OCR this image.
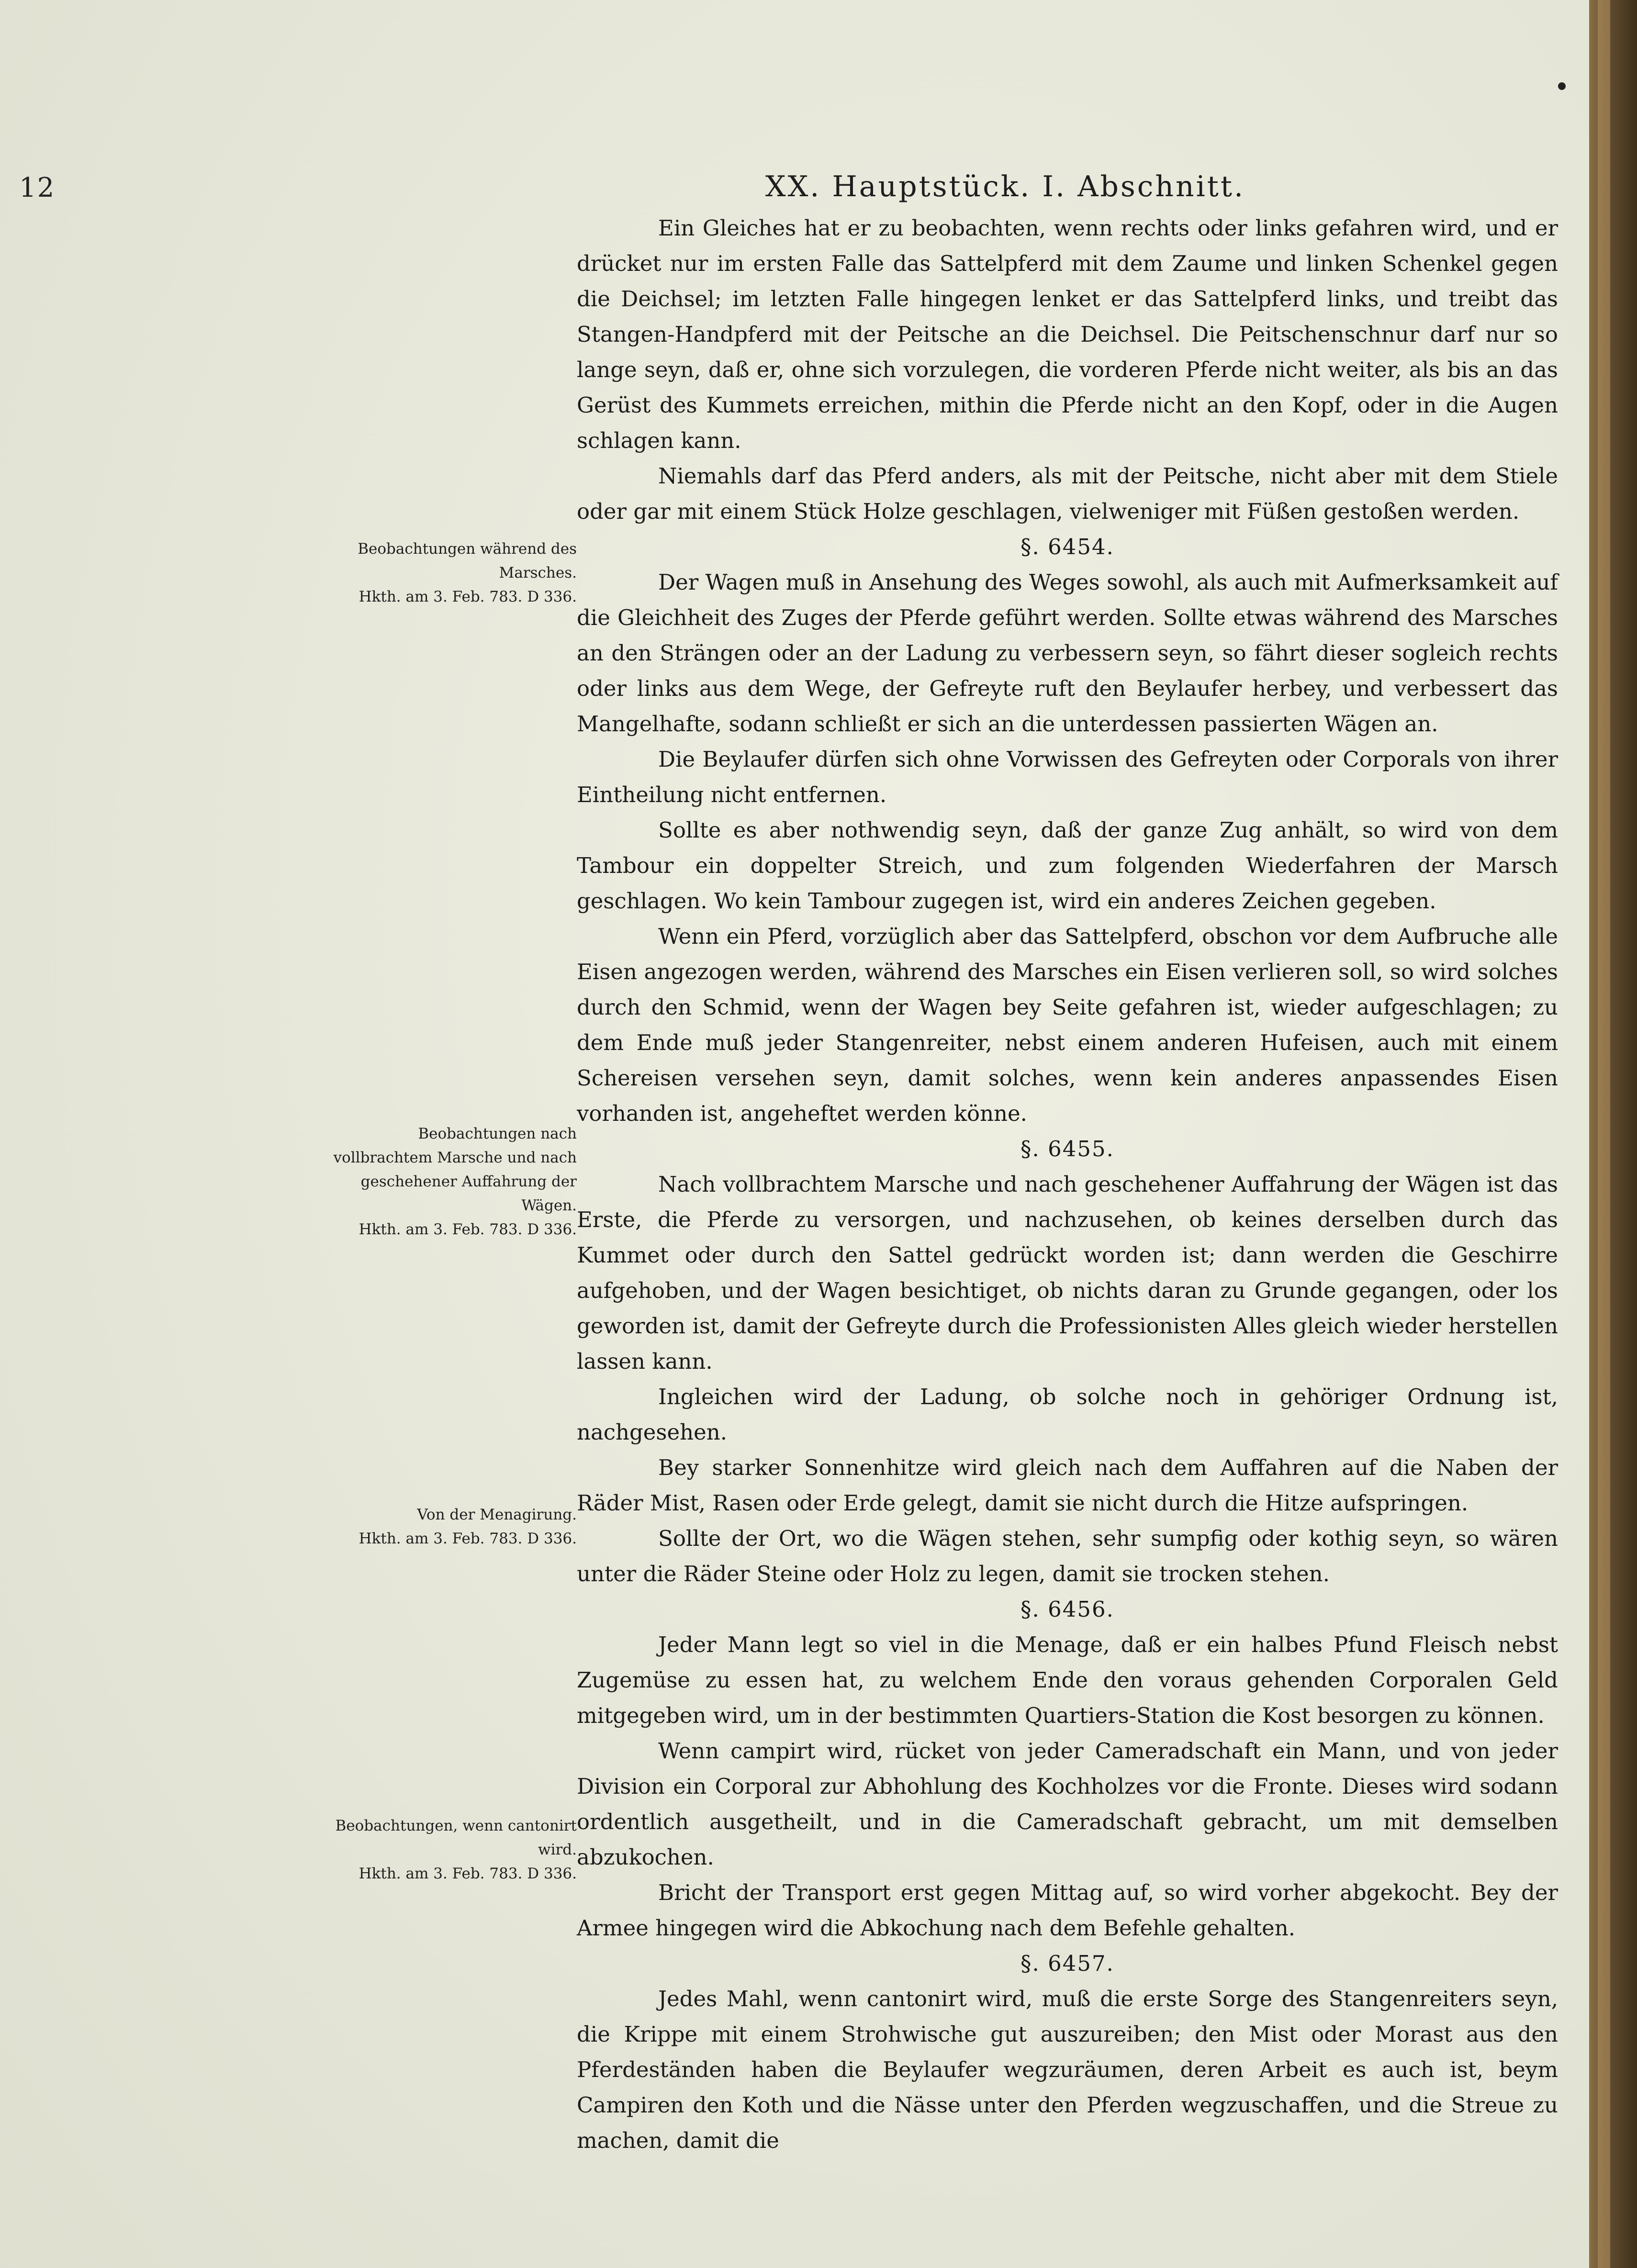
12	XX. Hauptstück. I. Abschnitt.
Beobachtungen während des Marsches.
Hkth. am 3. Feb. 783. D 336.
Beobachtungen nach vollbrachtem Marsche und nach geschehener Auffahrung der Wägen.
Hkth. am 3. Feb. 783. D 336.
Von der Menagirung.
Hkth. am 3. Feb. 783. D 336.
Beobachtungen, wenn cantonirt wird.
Hkth. am 3. Feb. 783. D 336.

Ein Gleiches hat er zu beobachten, wenn rechts oder links gefahren wird, und er drücket nur im ersten Falle das Sattelpferd mit dem Zaume und linken Schenkel gegen die Deichsel; im letzten Falle hingegen lenket er das Sattelpferd links, und treibt das Stangen-Handpferd mit der Peitsche an die Deichsel. Die Peitschenschnur darf nur so lange seyn, daß er, ohne sich vorzulegen, die vorderen Pferde nicht weiter, als bis an das Gerüst des Kummets erreichen, mithin die Pferde nicht an den Kopf, oder in die Augen schlagen kann.

Niemahls darf das Pferd anders, als mit der Peitsche, nicht aber mit dem Stiele oder gar mit einem Stück Holze geschlagen, vielweniger mit Füßen gestoßen werden.

§. 6454.

Der Wagen muß in Ansehung des Weges sowohl, als auch mit Aufmerksamkeit auf die Gleichheit des Zuges der Pferde geführt werden. Sollte etwas während des Marsches an den Strängen oder an der Ladung zu verbessern seyn, so fährt dieser sogleich rechts oder links aus dem Wege, der Gefreyte ruft den Beylaufer herbey, und verbessert das Mangelhafte, sodann schließt er sich an die unterdessen passierten Wägen an.

Die Beylaufer dürfen sich ohne Vorwissen des Gefreyten oder Corporals von ihrer Eintheilung nicht entfernen.

Sollte es aber nothwendig seyn, daß der ganze Zug anhält, so wird von dem Tambour ein doppelter Streich, und zum folgenden Wiederfahren der Marsch geschlagen. Wo kein Tambour zugegen ist, wird ein anderes Zeichen gegeben.

Wenn ein Pferd, vorzüglich aber das Sattelpferd, obschon vor dem Aufbruche alle Eisen angezogen werden, während des Marsches ein Eisen verlieren soll, so wird solches durch den Schmid, wenn der Wagen bey Seite gefahren ist, wieder aufgeschlagen; zu dem Ende muß jeder Stangenreiter, nebst einem anderen Hufeisen, auch mit einem Schereisen versehen seyn, damit solches, wenn kein anderes anpassendes Eisen vorhanden ist, angeheftet werden könne.

§. 6455.

Nach vollbrachtem Marsche und nach geschehener Auffahrung der Wägen ist das Erste, die Pferde zu versorgen, und nachzusehen, ob keines derselben durch das Kummet oder durch den Sattel gedrückt worden ist; dann werden die Geschirre aufgehoben, und der Wagen besichtiget, ob nichts daran zu Grunde gegangen, oder los geworden ist, damit der Gefreyte durch die Professionisten Alles gleich wieder herstellen lassen kann.

Ingleichen wird der Ladung, ob solche noch in gehöriger Ordnung ist, nachgesehen.

Bey starker Sonnenhitze wird gleich nach dem Auffahren auf die Naben der Räder Mist, Rasen oder Erde gelegt, damit sie nicht durch die Hitze aufspringen.

Sollte der Ort, wo die Wägen stehen, sehr sumpfig oder kothig seyn, so wären unter die Räder Steine oder Holz zu legen, damit sie trocken stehen.

§. 6456.

Jeder Mann legt so viel in die Menage, daß er ein halbes Pfund Fleisch nebst Zugemüse zu essen hat, zu welchem Ende den voraus gehenden Corporalen Geld mitgegeben wird, um in der bestimmten Quartiers-Station die Kost besorgen zu können.

Wenn campirt wird, rücket von jeder Cameradschaft ein Mann, und von jeder Division ein Corporal zur Abhohlung des Kochholzes vor die Fronte. Dieses wird sodann ordentlich ausgetheilt, und in die Cameradschaft gebracht, um mit demselben abzukochen.

Bricht der Transport erst gegen Mittag auf, so wird vorher abgekocht. Bey der Armee hingegen wird die Abkochung nach dem Befehle gehalten.

§. 6457.

Jedes Mahl, wenn cantonirt wird, muß die erste Sorge des Stangenreiters seyn, die Krippe mit einem Strohwische gut auszureiben; den Mist oder Morast aus den Pferdeständen haben die Beylaufer wegzuräumen, deren Arbeit es auch ist, beym Campiren den Koth und die Nässe unter den Pferden wegzuschaffen, und die Streue zu machen, damit die
